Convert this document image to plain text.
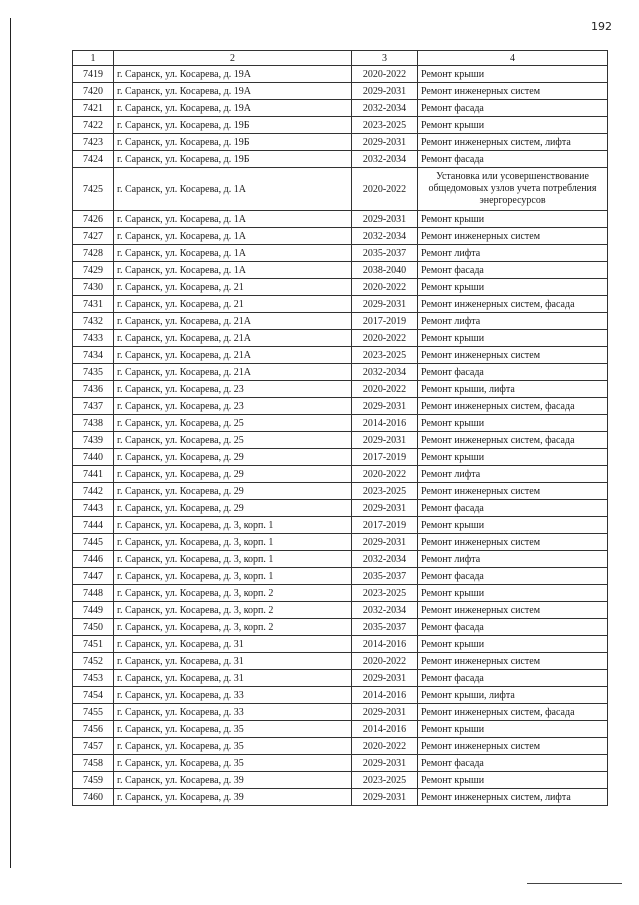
192
1	2	3	4
7419	г. Саранск, ул. Косарева, д. 19А	2020-2022	Ремонт крыши
7420	г. Саранск, ул. Косарева, д. 19А	2029-2031	Ремонт инженерных систем
7421	г. Саранск, ул. Косарева, д. 19А	2032-2034	Ремонт фасада
7422	г. Саранск, ул. Косарева, д. 19Б	2023-2025	Ремонт крыши
7423	г. Саранск, ул. Косарева, д. 19Б	2029-2031	Ремонт инженерных систем, лифта
7424	г. Саранск, ул. Косарева, д. 19Б	2032-2034	Ремонт фасада
7425	г. Саранск, ул. Косарева, д. 1А	2020-2022	Установка или усовершенствование общедомовых узлов учета потребления энергоресурсов
7426	г. Саранск, ул. Косарева, д. 1А	2029-2031	Ремонт крыши
7427	г. Саранск, ул. Косарева, д. 1А	2032-2034	Ремонт инженерных систем
7428	г. Саранск, ул. Косарева, д. 1А	2035-2037	Ремонт лифта
7429	г. Саранск, ул. Косарева, д. 1А	2038-2040	Ремонт фасада
7430	г. Саранск, ул. Косарева, д. 21	2020-2022	Ремонт крыши
7431	г. Саранск, ул. Косарева, д. 21	2029-2031	Ремонт инженерных систем, фасада
7432	г. Саранск, ул. Косарева, д. 21А	2017-2019	Ремонт лифта
7433	г. Саранск, ул. Косарева, д. 21А	2020-2022	Ремонт крыши
7434	г. Саранск, ул. Косарева, д. 21А	2023-2025	Ремонт инженерных систем
7435	г. Саранск, ул. Косарева, д. 21А	2032-2034	Ремонт фасада
7436	г. Саранск, ул. Косарева, д. 23	2020-2022	Ремонт крыши, лифта
7437	г. Саранск, ул. Косарева, д. 23	2029-2031	Ремонт инженерных систем, фасада
7438	г. Саранск, ул. Косарева, д. 25	2014-2016	Ремонт крыши
7439	г. Саранск, ул. Косарева, д. 25	2029-2031	Ремонт инженерных систем, фасада
7440	г. Саранск, ул. Косарева, д. 29	2017-2019	Ремонт крыши
7441	г. Саранск, ул. Косарева, д. 29	2020-2022	Ремонт лифта
7442	г. Саранск, ул. Косарева, д. 29	2023-2025	Ремонт инженерных систем
7443	г. Саранск, ул. Косарева, д. 29	2029-2031	Ремонт фасада
7444	г. Саранск, ул. Косарева, д. 3, корп. 1	2017-2019	Ремонт крыши
7445	г. Саранск, ул. Косарева, д. 3, корп. 1	2029-2031	Ремонт инженерных систем
7446	г. Саранск, ул. Косарева, д. 3, корп. 1	2032-2034	Ремонт лифта
7447	г. Саранск, ул. Косарева, д. 3, корп. 1	2035-2037	Ремонт фасада
7448	г. Саранск, ул. Косарева, д. 3, корп. 2	2023-2025	Ремонт крыши
7449	г. Саранск, ул. Косарева, д. 3, корп. 2	2032-2034	Ремонт инженерных систем
7450	г. Саранск, ул. Косарева, д. 3, корп. 2	2035-2037	Ремонт фасада
7451	г. Саранск, ул. Косарева, д. 31	2014-2016	Ремонт крыши
7452	г. Саранск, ул. Косарева, д. 31	2020-2022	Ремонт инженерных систем
7453	г. Саранск, ул. Косарева, д. 31	2029-2031	Ремонт фасада
7454	г. Саранск, ул. Косарева, д. 33	2014-2016	Ремонт крыши, лифта
7455	г. Саранск, ул. Косарева, д. 33	2029-2031	Ремонт инженерных систем, фасада
7456	г. Саранск, ул. Косарева, д. 35	2014-2016	Ремонт крыши
7457	г. Саранск, ул. Косарева, д. 35	2020-2022	Ремонт инженерных систем
7458	г. Саранск, ул. Косарева, д. 35	2029-2031	Ремонт фасада
7459	г. Саранск, ул. Косарева, д. 39	2023-2025	Ремонт крыши
7460	г. Саранск, ул. Косарева, д. 39	2029-2031	Ремонт инженерных систем, лифта
